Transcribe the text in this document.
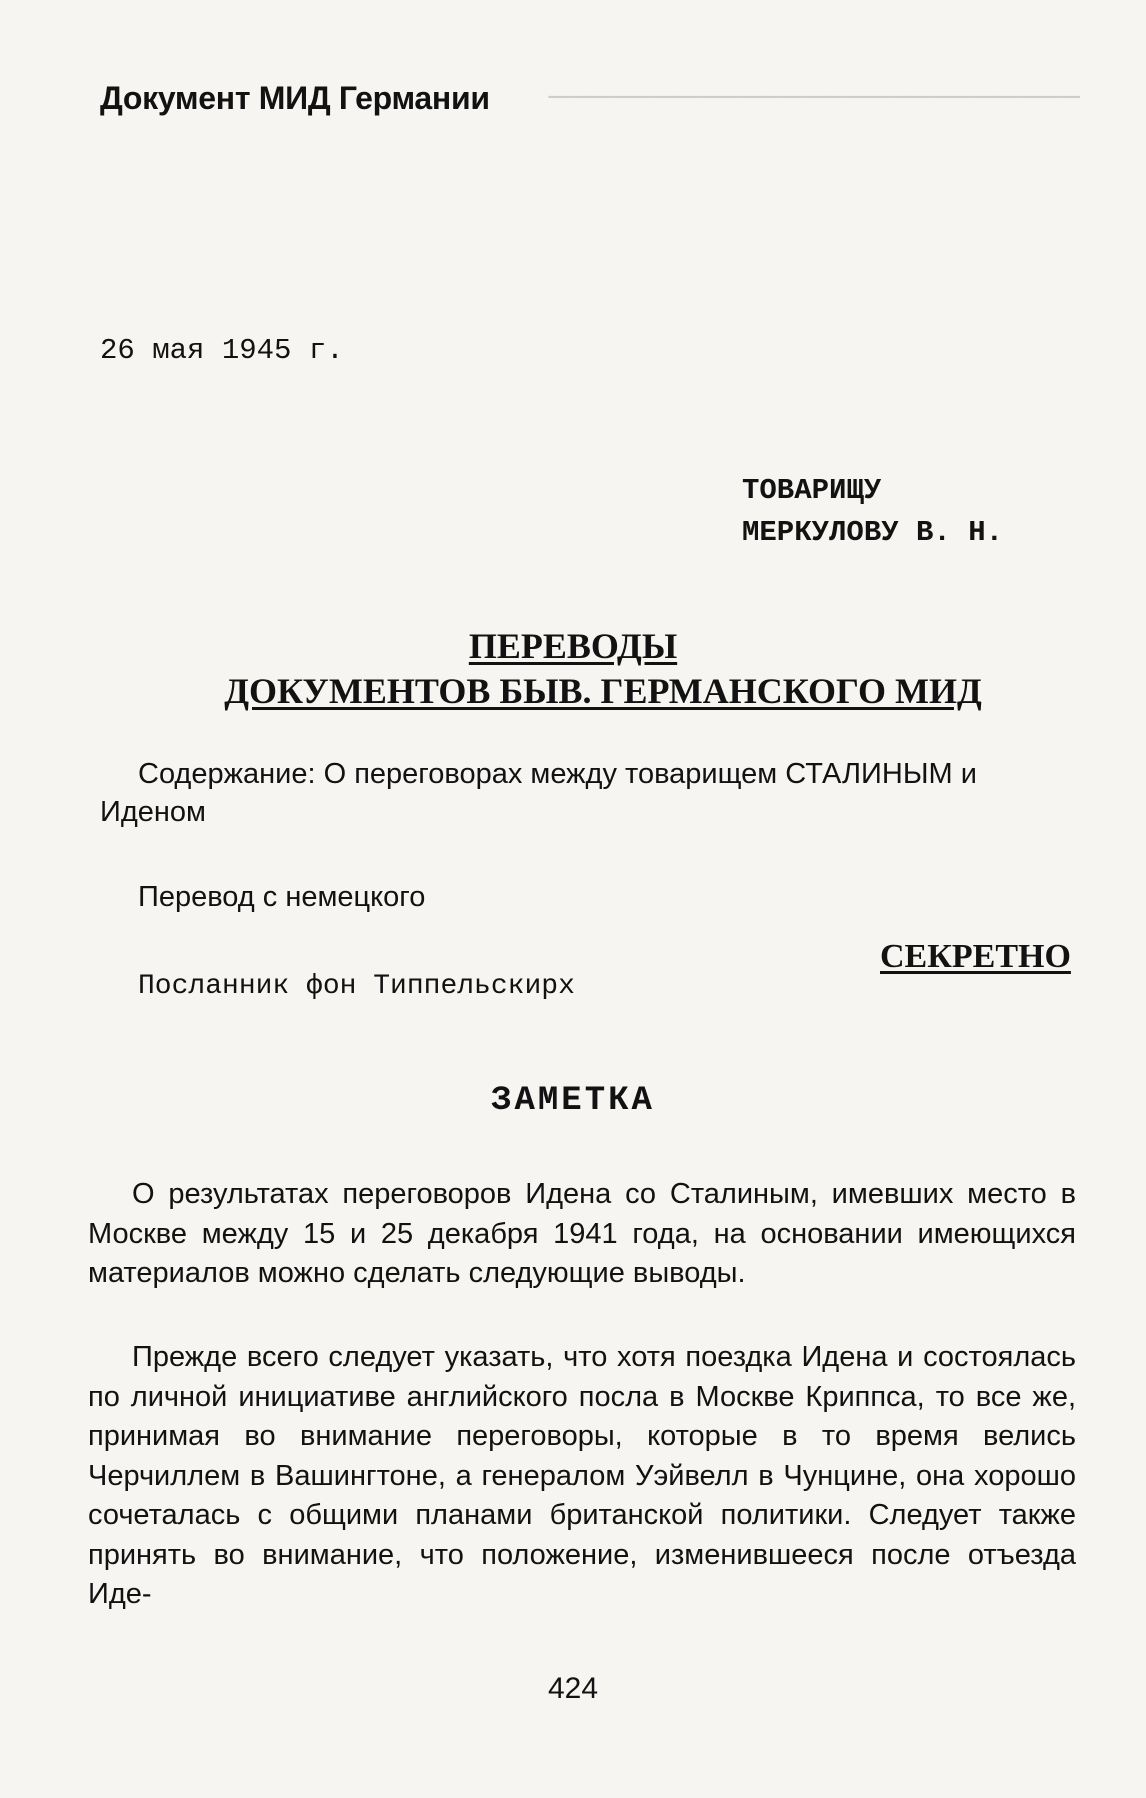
─────────────────────────
Документ МИД Германии
26 мая 1945 г.
ТОВАРИЩУ
МЕРКУЛОВУ В. Н.
ПЕРЕВОДЫ
ДОКУМЕНТОВ БЫВ. ГЕРМАНСКОГО МИД
Содержание: О переговорах между товарищем СТАЛИНЫМ и Иденом
Перевод с немецкого
СЕКРЕТНО
Посланник фон Типпельскирх
ЗАМЕТКА
О результатах переговоров Идена со Сталиным, имевших место в Москве между 15 и 25 декабря 1941 года, на основании имеющихся материалов можно сделать следующие выводы.
Прежде всего следует указать, что хотя поездка Идена и состоялась по личной инициативе английского посла в Москве Криппса, то все же, принимая во внимание переговоры, которые в то время велись Черчиллем в Вашингтоне, а генералом Уэйвелл в Чунцине, она хорошо сочеталась с общими планами британской политики. Следует также принять во внимание, что положение, изменившееся после отъезда Иде-
424
